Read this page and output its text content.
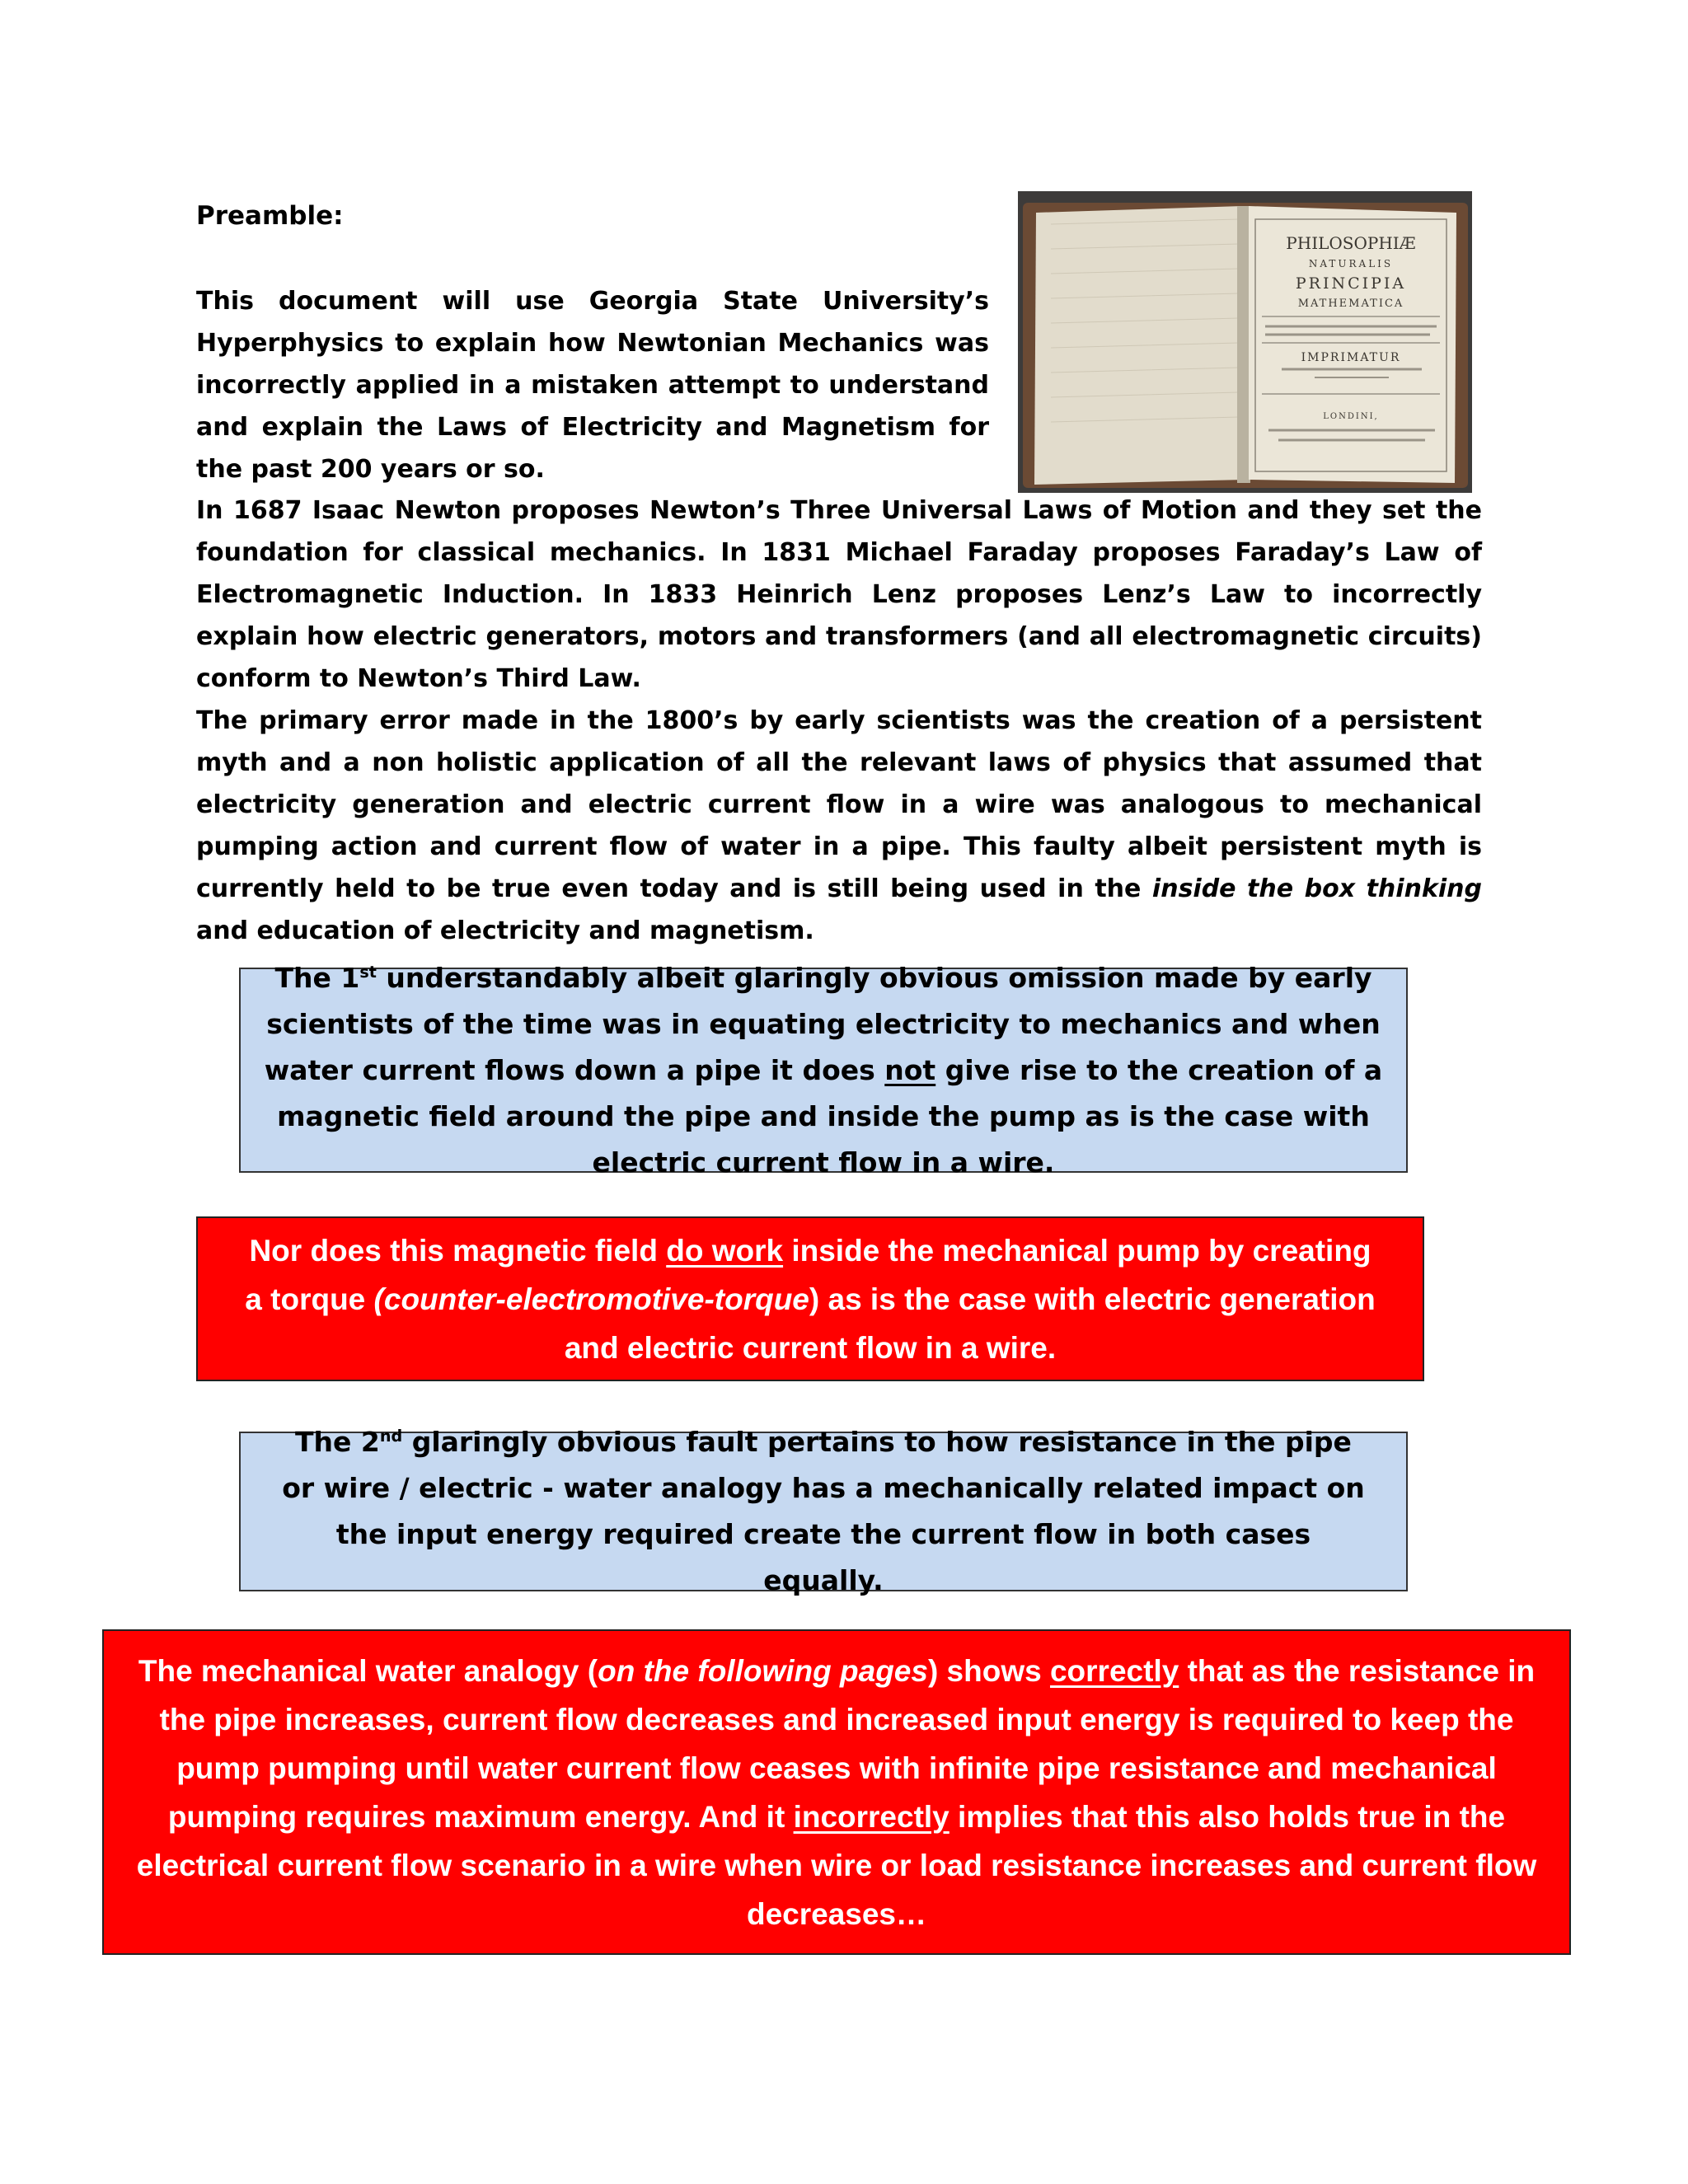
Preamble:

This document will use Georgia State University’s Hyperphysics to explain how Newtonian Mechanics was incorrectly applied in a mistaken attempt to understand and explain the Laws of Electricity and Magnetism for the past 200 years or so.

PHILOSOPHIÆ
NATURALIS
PRINCIPIA
MATHEMATICA
IMPRIMATUR
LONDINI,

In 1687 Isaac Newton proposes Newton’s Three Universal Laws of Motion and they set the foundation for classical mechanics. In 1831 Michael Faraday proposes Faraday’s Law of Electromagnetic Induction. In 1833 Heinrich Lenz proposes Lenz’s Law to incorrectly explain how electric generators, motors and transformers (and all electromagnetic circuits) conform to Newton’s Third Law.

The primary error made in the 1800’s by early scientists was the creation of a persistent myth and a non holistic application of all the relevant laws of physics that assumed that electricity generation and electric current flow in a wire was analogous to mechanical pumping action and current flow of water in a pipe. This faulty albeit persistent myth is currently held to be true even today and is still being used in the inside the box thinking and education of electricity and magnetism.

The 1st understandably albeit glaringly obvious omission made by early scientists of the time was in equating electricity to mechanics and when water current flows down a pipe it does not give rise to the creation of a magnetic field around the pipe and inside the pump as is the case with electric current flow in a wire.
Nor does this magnetic field do work inside the mechanical pump by creating a torque (counter-electromotive-torque) as is the case with electric generation and electric current flow in a wire.
The 2nd glaringly obvious fault pertains to how resistance in the pipe or wire / electric - water analogy has a mechanically related impact on the input energy required create the current flow in both cases equally.
The mechanical water analogy (on the following pages) shows correctly that as the resistance in the pipe increases, current flow decreases and increased input energy is required to keep the pump pumping until water current flow ceases with infinite pipe resistance and mechanical pumping requires maximum energy. And it incorrectly implies that this also holds true in the electrical current flow scenario in a wire when wire or load resistance increases and current flow decreases…
